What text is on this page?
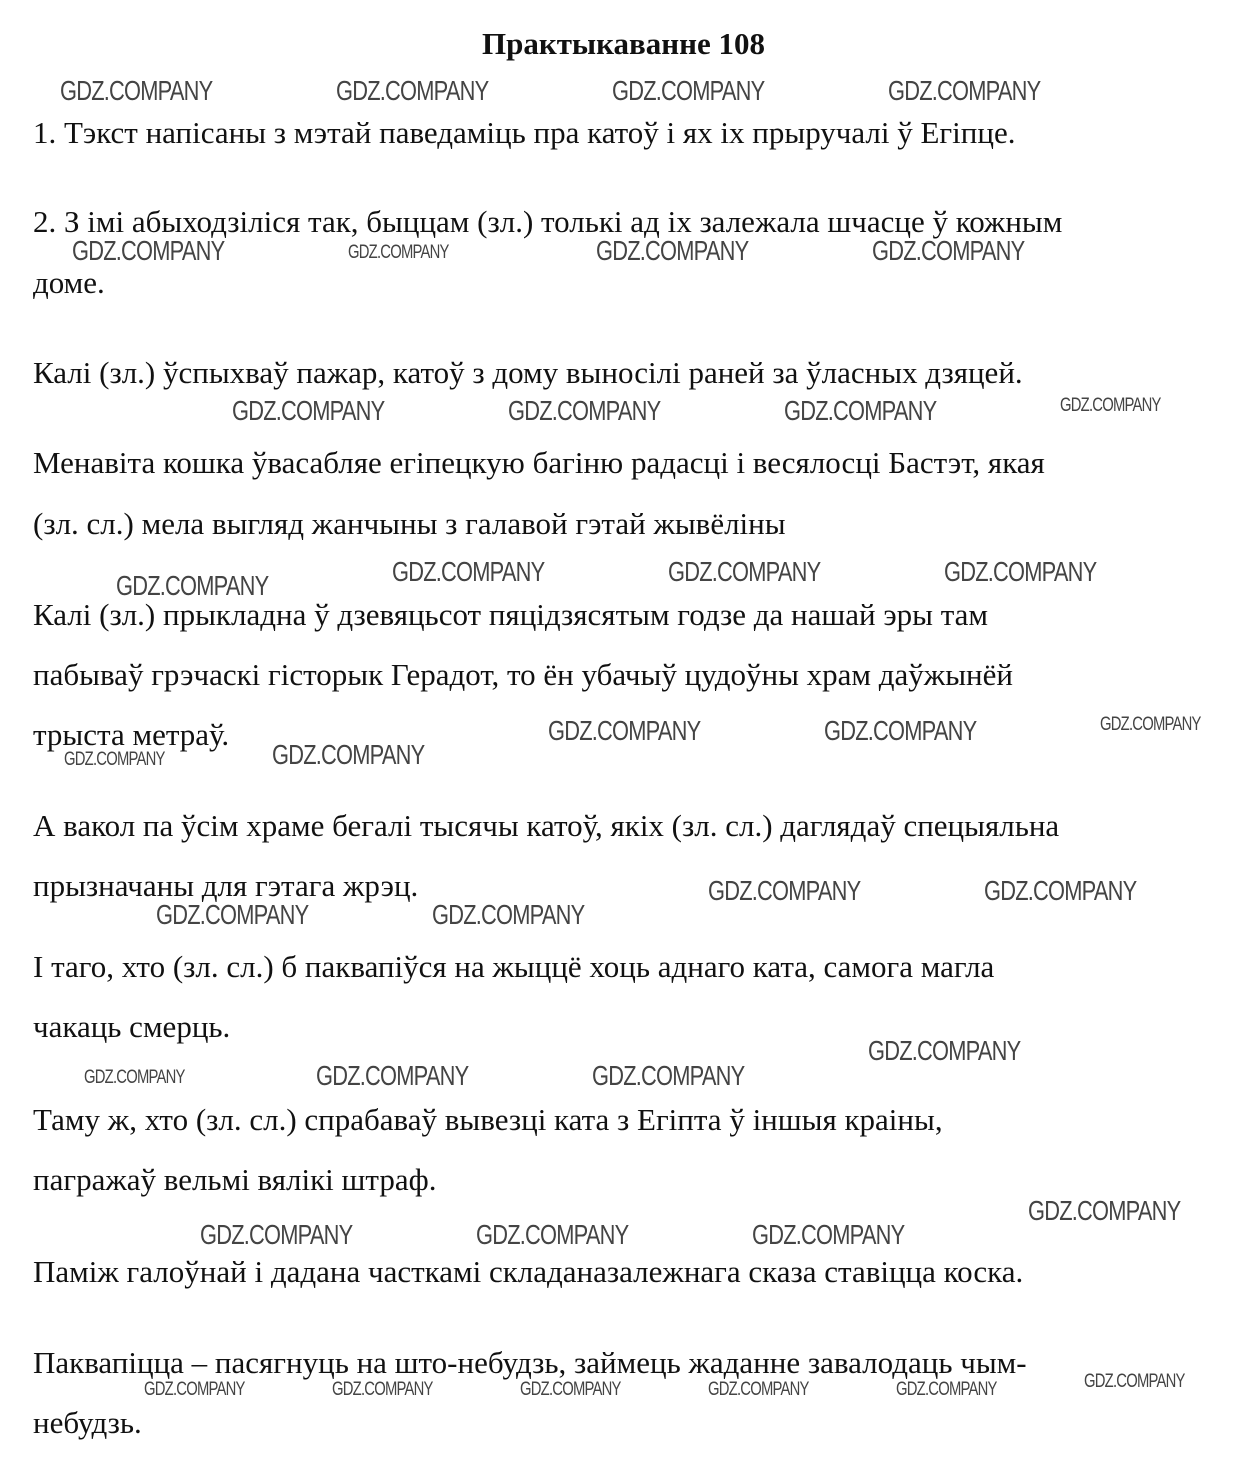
Практыкаванне 108
1. Тэкст напісаны з мэтай паведаміць пра катоў і ях іх прыручалі ў Егіпце.
2. З імі абыходзіліся так, быццам (зл.) толькі ад іх залежала шчасце ў кожным
доме.
Калі (зл.) ўспыхваў пажар, катоў з дому выносілі раней за ўласных дзяцей.
Менавіта кошка ўвасабляе егіпецкую багіню радасці і весялосці Бастэт, якая
(зл. сл.) мела выгляд жанчыны з галавой гэтай жывёліны
Калі (зл.) прыкладна ў дзевяцьсот пяцідзясятым годзе да нашай эры там
пабываў грэчаскі гісторык Герадот, то ён убачыў цудоўны храм даўжынёй
трыста метраў.
А вакол па ўсім храме бегалі тысячы катоў, якіх (зл. сл.) даглядаў спецыяльна
прызначаны для гэтага жрэц.
І таго, хто (зл. сл.) б паквапіўся на жыццё хоць аднаго ката, самога магла
чакаць смерць.
Таму ж, хто (зл. сл.) спрабаваў вывезці ката з Егіпта ў іншыя краіны,
пагражаў вельмі вялікі штраф.
Паміж галоўнай і дадана часткамі складаназалежнага сказа ставіцца коска.
Паквапіцца – пасягнуць на што-небудзь, займець жаданне завалодаць чым-
небудзь.
GDZ.COMPANY	GDZ.COMPANY	GDZ.COMPANY	GDZ.COMPANY
GDZ.COMPANY	GDZ.COMPANY	GDZ.COMPANY	GDZ.COMPANY
GDZ.COMPANY	GDZ.COMPANY	GDZ.COMPANY	GDZ.COMPANY
GDZ.COMPANY	GDZ.COMPANY	GDZ.COMPANY	GDZ.COMPANY
GDZ.COMPANY	GDZ.COMPANY
GDZ.COMPANY	GDZ.COMPANY	GDZ.COMPANY
GDZ.COMPANY	GDZ.COMPANY
GDZ.COMPANY	GDZ.COMPANY
GDZ.COMPANY
GDZ.COMPANY	GDZ.COMPANY	GDZ.COMPANY
GDZ.COMPANY
GDZ.COMPANY	GDZ.COMPANY	GDZ.COMPANY
GDZ.COMPANY	GDZ.COMPANY	GDZ.COMPANY	GDZ.COMPANY	GDZ.COMPANY	GDZ.COMPANY
